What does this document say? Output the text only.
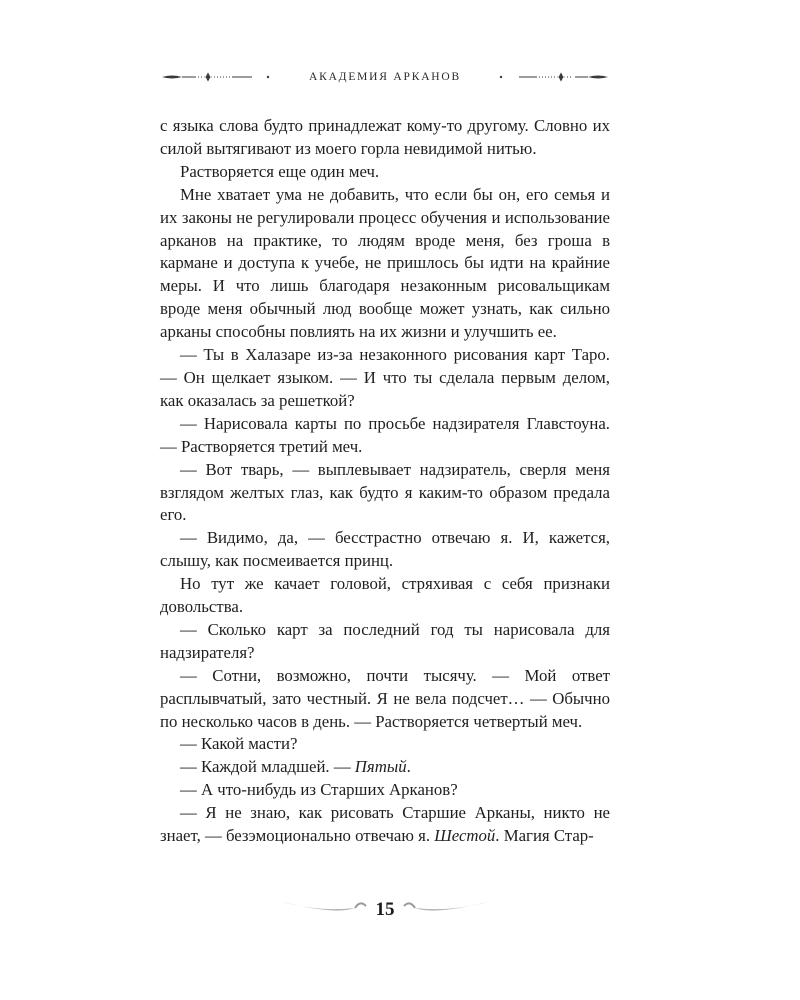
АКАДЕМИЯ АРКАНОВ

с языка слова будто принадлежат кому-то другому. Словно их силой вытягивают из моего горла невидимой нитью.

Растворяется еще один меч.

Мне хватает ума не добавить, что если бы он, его семья и их законы не регулировали процесс обучения и использование арканов на практике, то людям вроде меня, без гроша в кармане и доступа к учебе, не пришлось бы идти на крайние меры. И что лишь благодаря незаконным рисовальщикам вроде меня обычный люд вообще может узнать, как сильно арканы способны повлиять на их жизни и улучшить ее.

— Ты в Халазаре из-за незаконного рисования карт Таро. — Он щелкает языком. — И что ты сделала первым делом, как оказалась за решеткой?

— Нарисовала карты по просьбе надзирателя Главстоуна. — Растворяется третий меч.

— Вот тварь, — выплевывает надзиратель, сверля меня взглядом желтых глаз, как будто я каким-то образом предала его.

— Видимо, да, — бесстрастно отвечаю я. И, кажется, слышу, как посмеивается принц.

Но тут же качает головой, стряхивая с себя признаки довольства.

— Сколько карт за последний год ты нарисовала для надзирателя?

— Сотни, возможно, почти тысячу. — Мой ответ расплывчатый, зато честный. Я не вела подсчет… — Обычно по несколько часов в день. — Растворяется четвертый меч.

— Какой масти?

— Каждой младшей. — Пятый.

— А что-нибудь из Старших Арканов?

— Я не знаю, как рисовать Старшие Арканы, никто не знает, — безэмоционально отвечаю я. Шестой. Магия Стар-

15
